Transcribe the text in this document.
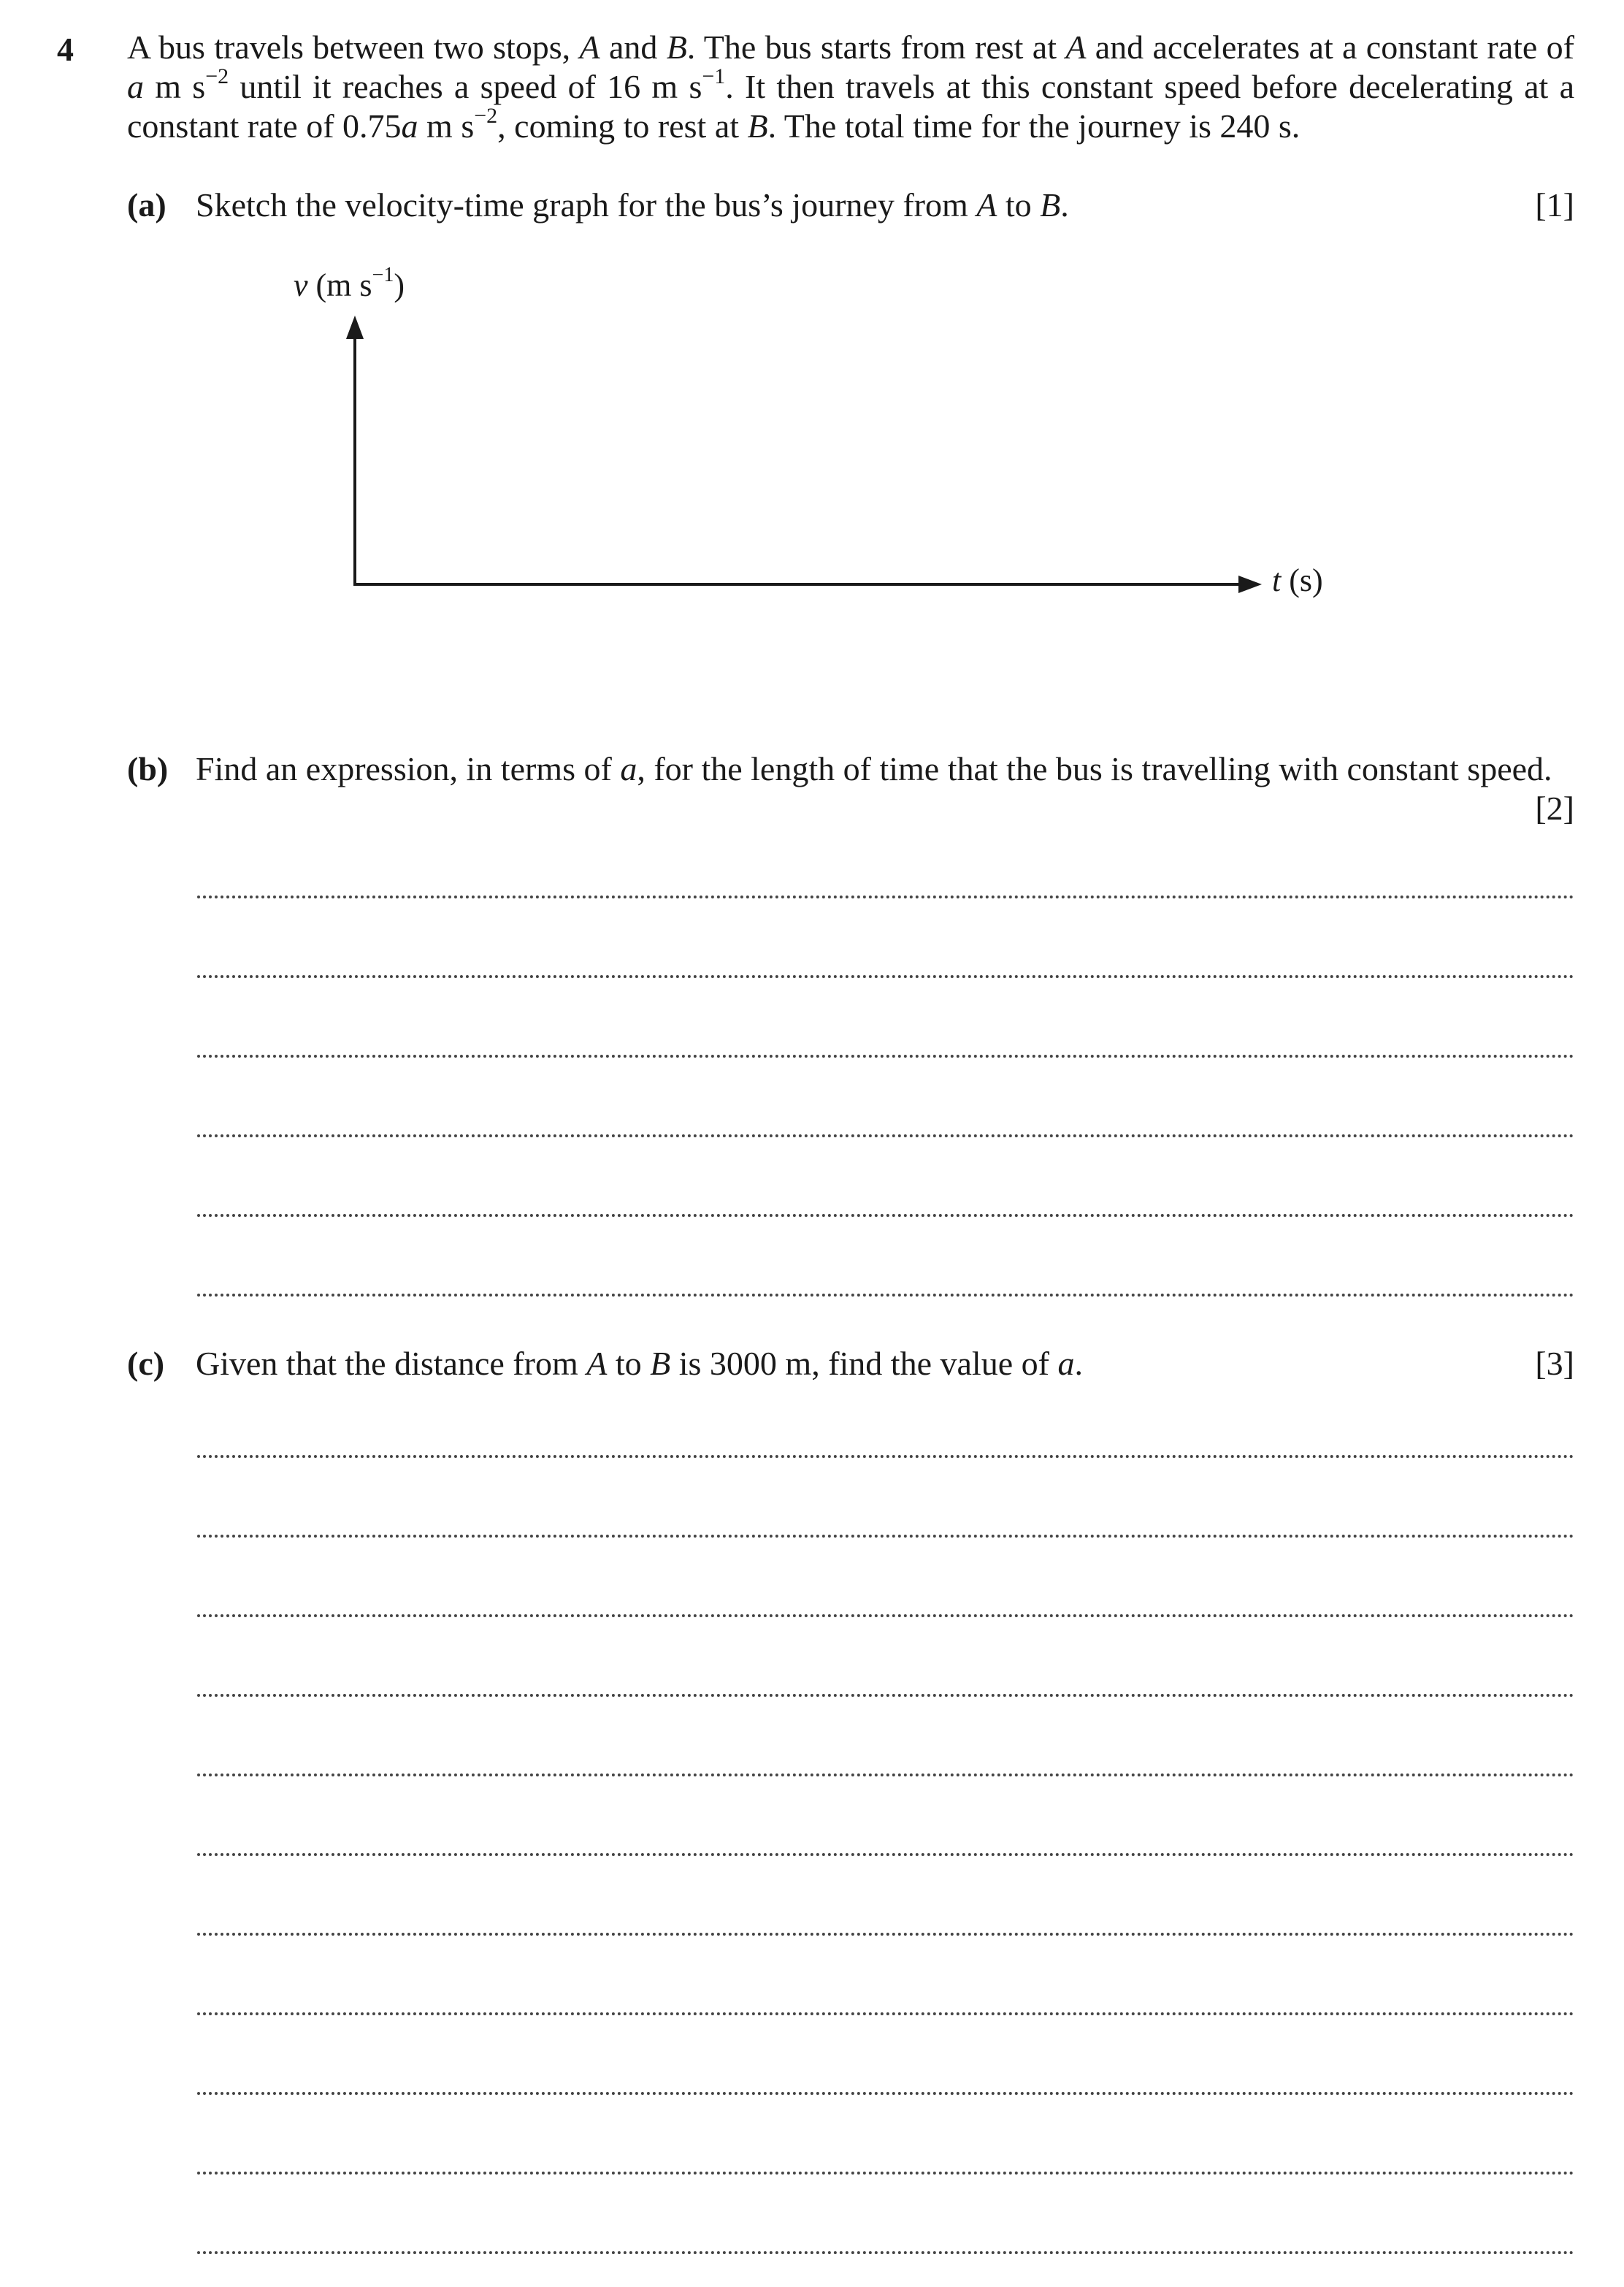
4 A bus travels between two stops, A and B. The bus starts from rest at A and accelerates at a constant rate of a m $s^{-2}$ until it reaches a speed of 16 m $s^{-1}$. It then travels at this constant speed before decelerating at a constant rate of 0.75a m $s^{-2}$, coming to rest at B. The total time for the journey is 240 s.
(a) Sketch the velocity-time graph for the bus’s journey from A to B.	[1]
v (m $s^{-1}$)
t (s)
(b) Find an expression, in terms of a, for the length of time that the bus is travelling with constant speed.
[2]
(c) Given that the distance from A to B is 3000 m, find the value of a.	[3]
